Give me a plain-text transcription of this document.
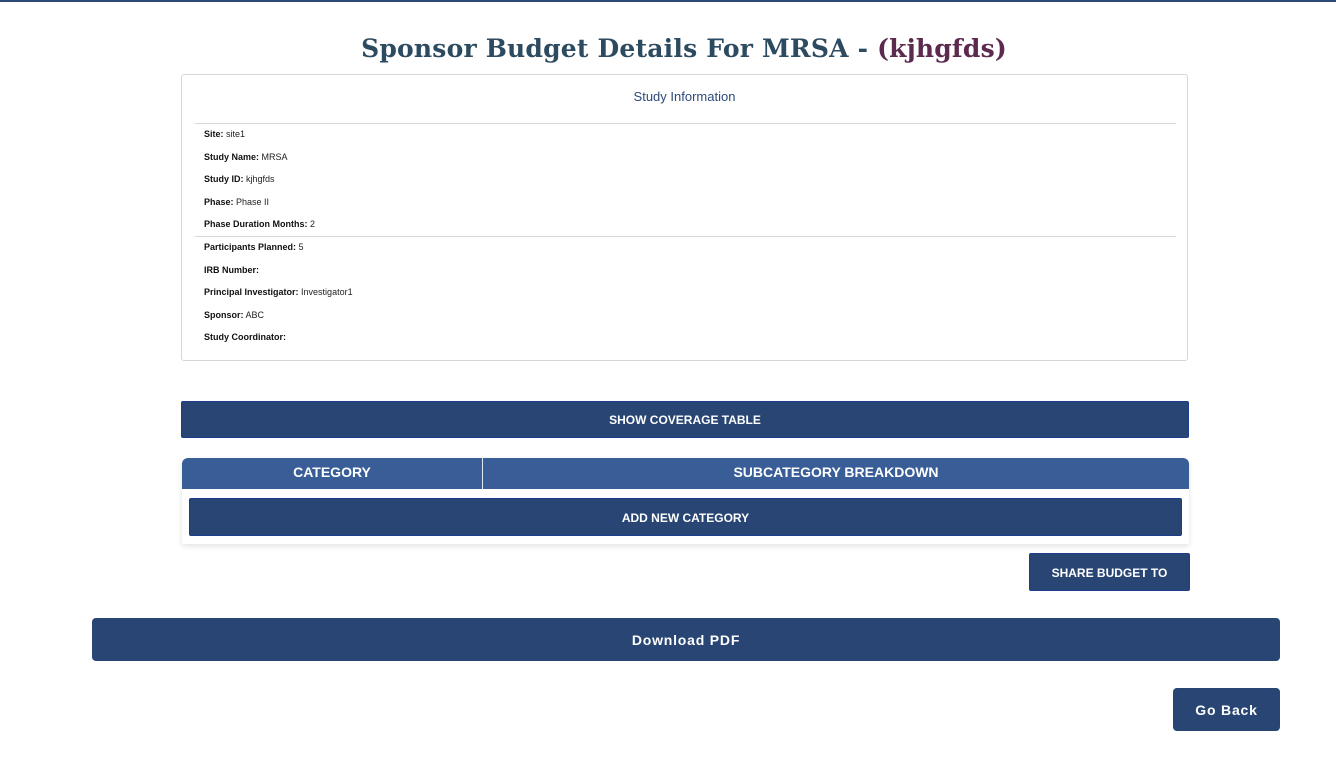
Sponsor Budget Details For MRSA - (kjhgfds)
Study Information
Site: site1
Study Name: MRSA
Study ID: kjhgfds
Phase: Phase II
Phase Duration Months: 2
Participants Planned: 5
IRB Number:
Principal Investigator: Investigator1
Sponsor: ABC
Study Coordinator:
SHOW COVERAGE TABLE
CATEGORY	SUBCATEGORY BREAKDOWN
ADD NEW CATEGORY
SHARE BUDGET TO SITE1
Download PDF
Go Back
